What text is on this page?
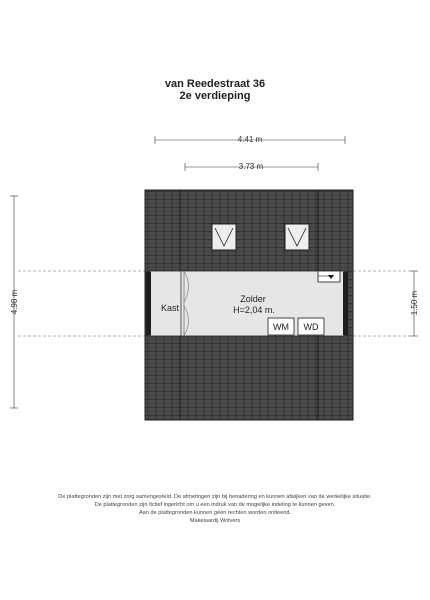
van Reedestraat 36
2e verdieping
4.41 m
3.73 m
4.98 m	1.50 m
WM WD
Kast
Zolder
H=2,04 m.
De plattegronden zijn met zorg samengesteld. De afmetingen zijn bij benadering en kunnen afwijken van de werkelijke situatie.
De plattegronden zijn fictief ingericht om u een indruk van de mogelijke indeling te kunnen geven.
Aan de plattegronden kunnen géén rechten worden ontleend.
Makelaardij Wolvers
